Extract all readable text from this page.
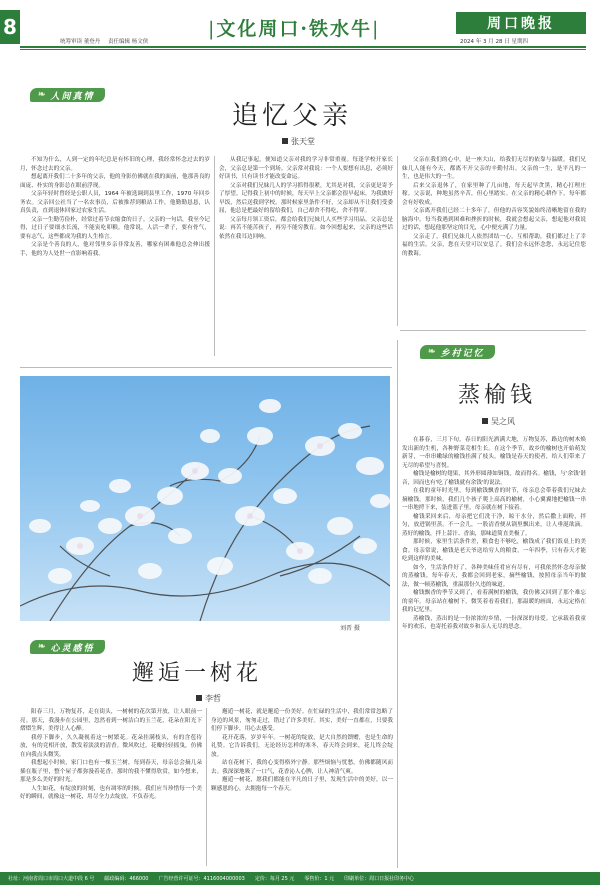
8
统筹审读 董登丹 责任编辑 杨文侠
|文化周口·铁水牛|	周口晚报
2024 年 3 月 28 日 星期四
❧ 人间真情
追忆父亲
张天堂

不知为什么，人到一定的年纪总是有怀旧的心理，我经常怀念过去的岁月，怀念过去的父亲。

想起离开我们二十多年的父亲，他的身影仿佛就在我的面前，他那善良的面庞、朴实的身影总在眼前浮现。

父亲年轻时曾经是公职人员，1964 年被选调到县里工作，1970 年回乡务农。父亲回公社当了一名农事员，后被推荐到粮站工作，他勤勤恳恳，认真负责，直到退休回家过农家生活。

父亲一生勤劳俭朴，经常过着节衣缩食的日子。父亲的一句话，我至今记得，过日子要细水长流，不能寅吃卯粮。他常说，人活一辈子，要有骨气，要有志气，这些都成为我的人生格言。

父亲是个善良的人，他对邻里乡亲非常友善，哪家有困难他总会伸出援手，他的为人处世一直影响着我。

从我记事起，便知道父亲对我的学习非常重视。每逢学校开家长会，父亲总是第一个到场。父亲常对我说：一个人要想有出息，必须好好读书，只有读书才能改变命运。

父亲对我们兄妹几人的学习抓得很紧，尤其是对我，父亲更是寄予了厚望。记得我上初中的时候，每天早上父亲都会很早起床，为我做好早饭，然后送我到学校。那时候家里条件不好，父亲却从不让我们受委屈，他总是把最好的留给我们，自己却舍不得吃，舍不得穿。

父亲每月领工资后，都会给我们兄妹几人买些学习用品。父亲总是说：再苦不能苦孩子，再穷不能穷教育。如今回想起来，父亲的这些话依然在我耳边回响。

父亲在我们的心中，是一座大山，给我们无尽的依靠与温暖。我们兄妹几人能有今天，都离不开父亲的辛勤付出。父亲的一生，是平凡的一生，也是伟大的一生。

后来父亲退休了，在家里种了几亩地，每天起早贪黑，精心打理庄稼。父亲说，种地虽然辛苦，但心里踏实。在父亲的精心耕作下，每年都会有好收成。

父亲离开我们已经二十多年了，但他的音容笑貌始终清晰地留在我的脑海中。每当我遇到困难和挫折的时候，我就会想起父亲，想起他对我说过的话，想起他那坚定的目光，心中便充满了力量。

父亲走了，我们兄妹几人依然团结一心，互相帮助，我们都过上了幸福的生活。父亲，您在天堂可以安息了。我们会永远怀念您，永远记住您的教诲。

❧ 乡村记忆
蒸榆钱
吴之风

在暮春，三月下旬，春日的阳光洒满大地，万物复苏，路边的树木焕发出新的生机，各种野菜竞相生长。在这个季节，故乡的榆树也开始萌发新芽，一串串嫩绿的榆钱挂满了枝头。榆钱是春天的使者，给人们带来了无尽的希望与喜悦。

榆钱是榆树的翅果，其外形圆薄如铜钱，故而得名。榆钱，与'余钱'谐音，因而也有'吃了榆钱就有余钱'的说法。

在我的童年时光里，每到榆钱飘香的时节，母亲总会带着我们兄妹去摘榆钱。那时候，我们几个孩子爬上高高的榆树，小心翼翼地把榆钱一串一串地捋下来，装进篮子里，母亲就在树下接着。

榆钱采回来后，母亲把它们洗干净，晾干水分，然后撒上面粉，拌匀，放进锅里蒸。不一会儿，一股清香便从锅里飘出来，让人垂涎欲滴。蒸好的榆钱，拌上蒜汁、香油，那味道简直美极了。

那时候，家里生活条件差，粮食也不够吃，榆钱成了我们饭桌上的美食。母亲常说，榆钱是老天爷送给穷人的粮食，一年四季，只有春天才能吃到这样的美味。

如今，生活条件好了，各种美味佳肴应有尽有，可我依然怀念母亲做的蒸榆钱。每年春天，我都会回到老家，摘些榆钱，按照母亲当年的做法，做一顿蒸榆钱，重温那份久违的味道。

榆钱飘香的季节又到了，看着满树的榆钱，我仿佛又回到了那个难忘的童年。母亲站在榆树下，微笑着看着我们，那温暖的画面，永远定格在我的记忆里。

蒸榆钱，蒸出的是一份浓浓的乡情，一份深深的母爱。它承载着我童年的欢乐，也寄托着我对故乡和亲人无尽的思念。

刘晋 摄
❧ 心灵感悟
邂逅一树花
李哲

阳春三月，万物复苏，走在街头，一树树的花次第开放，让人眼前一亮。那天，我漫步在公园里，忽然看到一树洁白的玉兰花，花朵在阳光下熠熠生辉，美得让人心醉。

我停下脚步，久久凝视着这一树繁花。花朵挂满枝头，有的含苞待放，有的竞相开放，散发着淡淡的清香。微风吹过，花瓣轻轻摇曳，仿佛在向我点头微笑。

我想起小时候，家门口也有一棵玉兰树，每到春天，母亲总会摘几朵插在瓶子里，整个屋子都弥漫着花香。那时的我不懂得欣赏，如今想来，那是多么美好的时光。

人生如花，有绽放的时刻，也有凋零的时候。我们应当珍惜每一个美好的瞬间，就像这一树花，用尽全力去绽放，不负春光。

邂逅一树花，就是邂逅一份美好。在忙碌的生活中，我们常常忽略了身边的风景，匆匆走过，错过了许多美好。其实，美好一直都在，只要我们停下脚步，用心去感受。

花开花落，岁岁年年。一树花的绽放，是大自然的馈赠，也是生命的礼赞。它告诉我们，无论经历怎样的寒冬，春天终会到来，花儿终会绽放。

站在花树下，我的心变得格外宁静。那些烦恼与忧愁，仿佛都随风而去。我深深地吸了一口气，花香沁人心脾，让人神清气爽。

邂逅一树花，愿我们都能在平凡的日子里，发现生活中的美好，以一颗感恩的心，去拥抱每一个春天。

社址：河南省周口市周口大道中段 6 号 邮政编码：466000 广告经营许可证号：4116004000003 定价：每月 25 元 零售价：1 元 印刷单位：周口日报社印务中心
